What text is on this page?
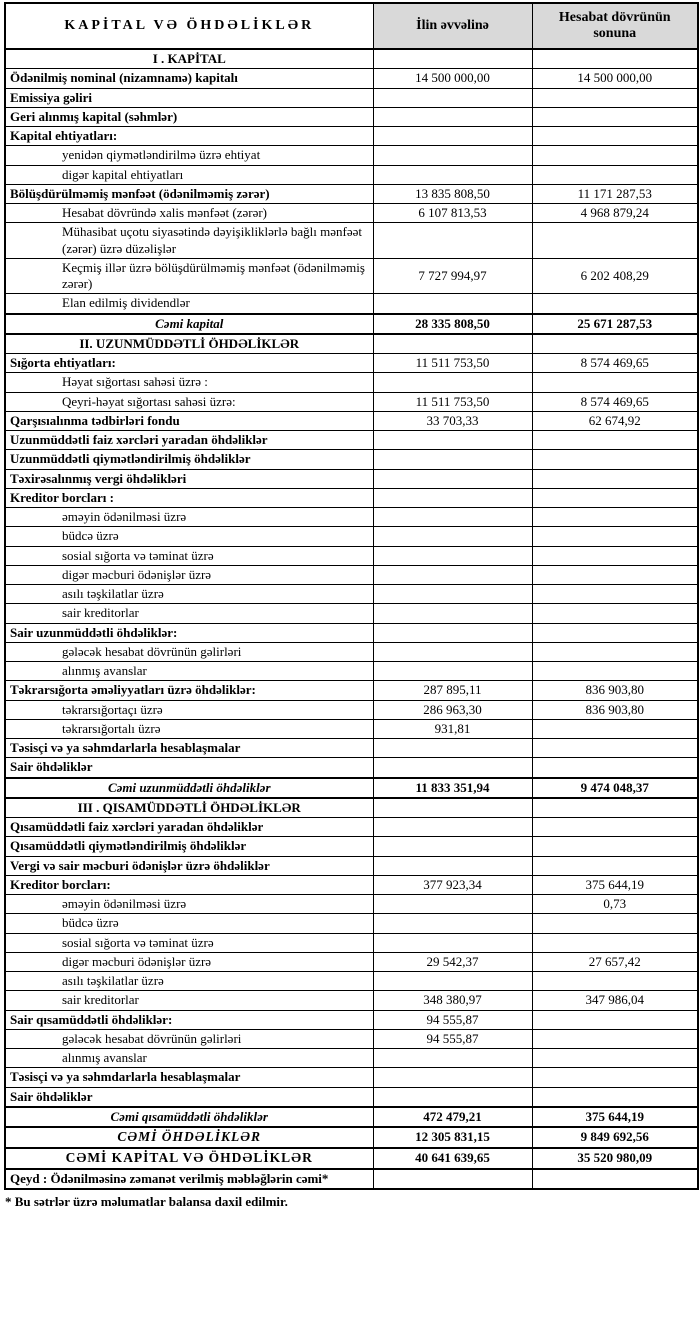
KAPİTAL VƏ ÖHDƏLİKLƏR	İlin əvvəlinə	Hesabat dövrünün sonuna
I . KAPİTAL		
Ödənilmiş nominal (nizamnamə) kapitalı	14 500 000,00	14 500 000,00
Emissiya gəliri		
Geri alınmış kapital (səhmlər)		
Kapital ehtiyatları:		
yenidən qiymətləndirilmə üzrə ehtiyat		
digər kapital ehtiyatları		
Bölüşdürülməmiş mənfəət (ödənilməmiş zərər)	13 835 808,50	11 171 287,53
Hesabat dövründə xalis mənfəət (zərər)	6 107 813,53	4 968 879,24
Mühasibat uçotu siyasətində dəyişikliklərlə bağlı mənfəət (zərər) üzrə düzəlişlər		
Keçmiş illər üzrə bölüşdürülməmiş mənfəət (ödənilməmiş zərər)	7 727 994,97	6 202 408,29
Elan edilmiş dividendlər		
Cəmi kapital	28 335 808,50	25 671 287,53
II. UZUNMÜDDƏTLİ ÖHDƏLİKLƏR		
Sığorta ehtiyatları:	11 511 753,50	8 574 469,65
Həyat sığortası sahəsi üzrə :		
Qeyri-həyat sığortası sahəsi üzrə:	11 511 753,50	8 574 469,65
Qarşısıalınma tədbirləri fondu	33 703,33	62 674,92
Uzunmüddətli faiz xərcləri yaradan öhdəliklər		
Uzunmüddətli qiymətləndirilmiş öhdəliklər		
Təxirəsalınmış vergi öhdəlikləri		
Kreditor borcları :		
əməyin ödənilməsi üzrə		
büdcə üzrə		
sosial sığorta və təminat üzrə		
digər məcburi ödənişlər üzrə		
asılı təşkilatlar üzrə		
sair kreditorlar		
Sair uzunmüddətli öhdəliklər:		
gələcək hesabat dövrünün gəlirləri		
alınmış avanslar		
Təkrarsığorta əməliyyatları üzrə öhdəliklər:	287 895,11	836 903,80
təkrarsığortaçı üzrə	286 963,30	836 903,80
təkrarsığortalı üzrə	931,81	
Təsisçi və ya səhmdarlarla hesablaşmalar		
Sair öhdəliklər		
Cəmi uzunmüddətli öhdəliklər	11 833 351,94	9 474 048,37
III . QISAMÜDDƏTLİ ÖHDƏLİKLƏR		
Qısamüddətli faiz xərcləri yaradan öhdəliklər		
Qısamüddətli qiymətləndirilmiş öhdəliklər		
Vergi və sair məcburi ödənişlər üzrə öhdəliklər		
Kreditor borcları:	377 923,34	375 644,19
əməyin ödənilməsi üzrə		0,73
büdcə üzrə		
sosial sığorta və təminat üzrə		
digər məcburi ödənişlər üzrə	29 542,37	27 657,42
asılı təşkilatlar üzrə		
sair kreditorlar	348 380,97	347 986,04
Sair qısamüddətli öhdəliklər:	94 555,87	
gələcək hesabat dövrünün gəlirləri	94 555,87	
alınmış avanslar		
Təsisçi və ya səhmdarlarla hesablaşmalar		
Sair öhdəliklər		
Cəmi qısamüddətli öhdəliklər	472 479,21	375 644,19
CƏMİ ÖHDƏLİKLƏR	12 305 831,15	9 849 692,56
CƏMİ KAPİTAL VƏ ÖHDƏLİKLƏR	40 641 639,65	35 520 980,09
Qeyd : Ödənilməsinə zəmanət verilmiş məbləğlərin cəmi*		
* Bu sətrlər üzrə məlumatlar balansa daxil edilmir.
